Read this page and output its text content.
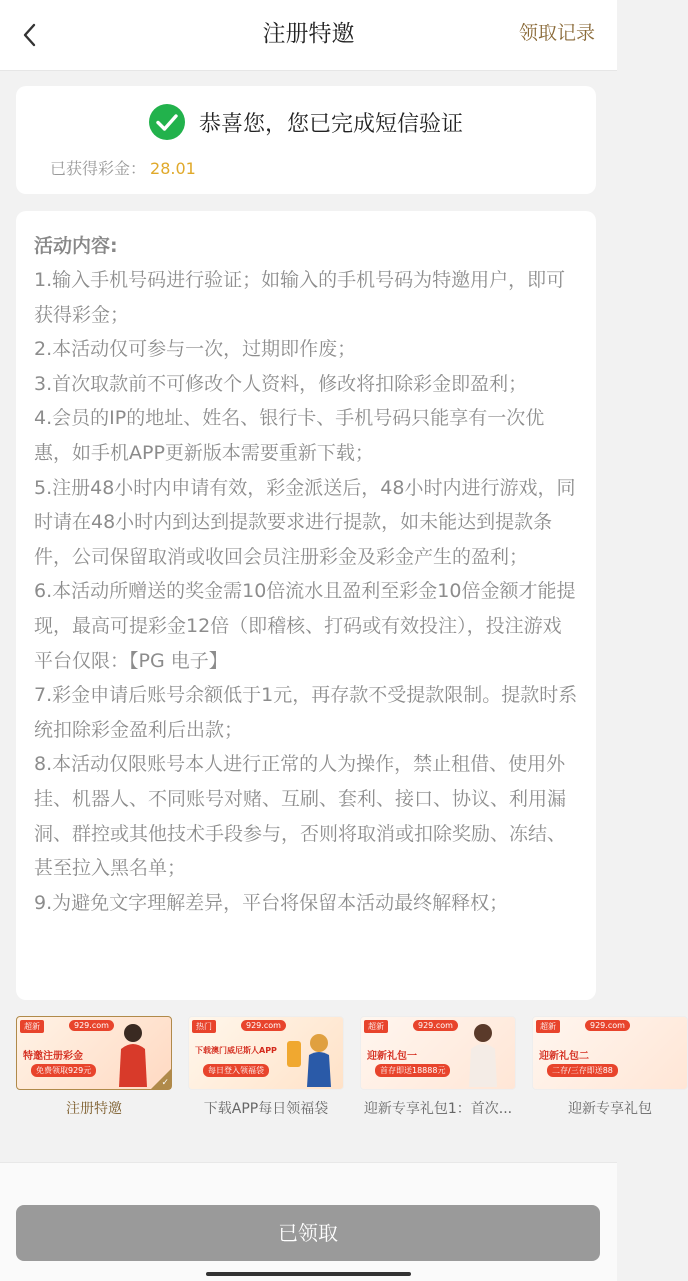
注册特邀	领取记录
恭喜您，您已完成短信验证
已获得彩金： 28.01
活动内容:

1.输入手机号码进行验证；如输入的手机号码为特邀用户，即可获得彩金；

2.本活动仅可参与一次，过期即作废；

3.首次取款前不可修改个人资料，修改将扣除彩金即盈利；

4.会员的IP的地址、姓名、银行卡、手机号码只能享有一次优惠，如手机APP更新版本需要重新下载；

5.注册48小时内申请有效，彩金派送后，48小时内进行游戏，同时请在48小时内到达到提款要求进行提款，如未能达到提款条件，公司保留取消或收回会员注册彩金及彩金产生的盈利；

6.本活动所赠送的奖金需10倍流水且盈利至彩金10倍金额才能提现，最高可提彩金12倍（即稽核、打码或有效投注），投注游戏平台仅限：【PG 电子】

7.彩金申请后账号余额低于1元，再存款不受提款限制。提款时系统扣除彩金盈利后出款；

8.本活动仅限账号本人进行正常的人为操作，禁止租借、使用外挂、机器人、不同账号对赌、互刷、套利、接口、协议、利用漏洞、群控或其他技术手段参与，否则将取消或扣除奖励、冻结、甚至拉入黑名单；

9.为避免文字理解差异，平台将保留本活动最终解释权；

超新	929.com
特邀注册彩金
免费领取929元
✓
注册特邀
热门	929.com
下载澳门威尼斯人APP
每日登入领福袋
下载APP每日领福袋
超新	929.com
迎新礼包一
首存即送18888元
迎新专享礼包1：首次...
超新	929.com
迎新礼包二
二存/三存即送88
迎新专享礼包
已领取
